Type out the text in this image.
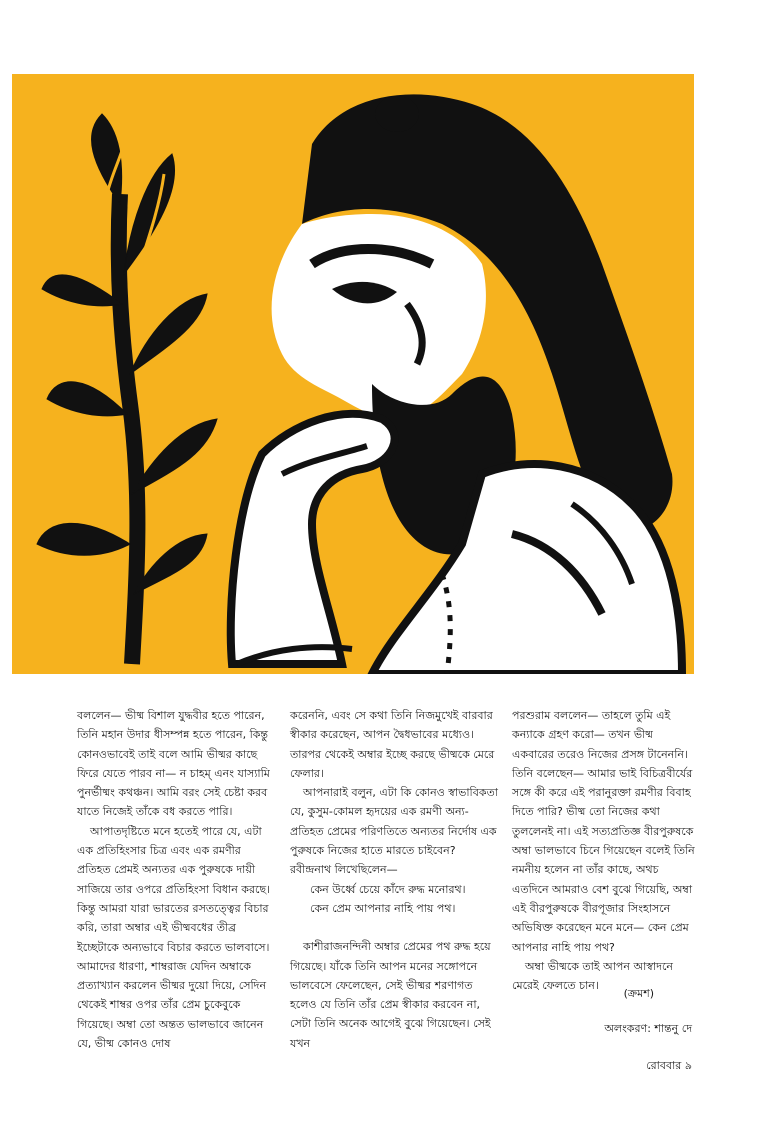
বললেন— ভীষ্ম বিশাল যুদ্ধবীর হতে পারেন, তিনি মহান উদার ধীসম্পন্ন হতে পারেন, কিন্তু কোনওভাবেই তাই বলে আমি ভীষ্মর কাছে ফিরে যেতে পারব না— ন চাহম্‌ এনং যাস্যামি পুনর্ভীষ্মং কথঞ্চন। আমি বরং সেই চেষ্টা করব যাতে নিজেই তাঁকে বধ করতে পারি।

আপাতদৃষ্টিতে মনে হতেই পারে যে, এটা এক প্রতিহিংসার চিত্র এবং এক রমণীর প্রতিহত প্রেমই অন্যতর এক পুরুষকে দায়ী সাজিয়ে তার ওপরে প্রতিহিংসা বিধান করছে। কিন্তু আমরা যারা ভারতের রসতত্ত্বের বিচার করি, তারা অম্বার এই ভীষ্মবধের তীব্র ইচ্ছেটাকে অন্যভাবে বিচার করতে ভালবাসে। আমাদের ধারণা, শাম্বরাজ যেদিন অম্বাকে প্রত্যাখ্যান করলেন ভীষ্মর দুয়ো দিয়ে, সেদিন থেকেই শাম্বর ওপর তাঁর প্রেম চুকেবুকে গিয়েছে। অম্বা তো অন্তত ভালভাবে জানেন যে, ভীষ্ম কোনও দোষ

করেননি, এবং সে কথা তিনি নিজমুখেই বারবার স্বীকার করেছেন, আপন দ্বৈধভাবের মধ্যেও। তারপর থেকেই অম্বার ইচ্ছে করছে ভীষ্মকে মেরে ফেলার।

আপনারাই বলুন, এটা কি কোনও স্বাভাবিকতা যে, কুসুম-কোমল হৃদয়ের এক রমণী অন্য-প্রতিহত প্রেমের পরিণতিতে অন্যতর নির্দোষ এক পুরুষকে নিজের হাতে মারতে চাইবেন? রবীন্দ্রনাথ লিখেছিলেন—

কেন উর্ধ্বে চেয়ে কাঁদে রুদ্ধ মনোরথ।

কেন প্রেম আপনার নাহি পায় পথ।

কাশীরাজনন্দিনী অম্বার প্রেমের পথ রুদ্ধ হয়ে গিয়েছে। যাঁকে তিনি আপন মনের সঙ্গোপনে ভালবেসে ফেলেছেন, সেই ভীষ্মর শরণাগত হলেও যে তিনি তাঁর প্রেম স্বীকার করবেন না, সেটা তিনি অনেক আগেই বুঝে গিয়েছেন। সেই যখন

পরশুরাম বললেন— তাহলে তুমি এই কন্যাকে গ্রহণ করো— তখন ভীষ্ম একবারের তরেও নিজের প্রসঙ্গ টানেননি। তিনি বলেছেন— আমার ভাই বিচিত্রবীর্যের সঙ্গে কী করে এই পরানুরক্তা রমণীর বিবাহ দিতে পারি? ভীষ্ম তো নিজের কথা তুললেনই না। এই সত্যপ্রতিজ্ঞ বীরপুরুষকে অম্বা ভালভাবে চিনে গিয়েছেন বলেই তিনি নমনীয় হলেন না তাঁর কাছে, অথচ এতদিনে আমরাও বেশ বুঝে গিয়েছি, অম্বা এই বীরপুরুষকে বীরপূজার সিংহাসনে অভিষিক্ত করেছেন মনে মনে— কেন প্রেম আপনার নাহি পায় পথ?

অম্বা ভীষ্মকে তাই আপন আস্বাদনে মেরেই ফেলতে চান।

(ক্রমশ)
অলংকরণ: শান্তনু দে
রোববার ৯
